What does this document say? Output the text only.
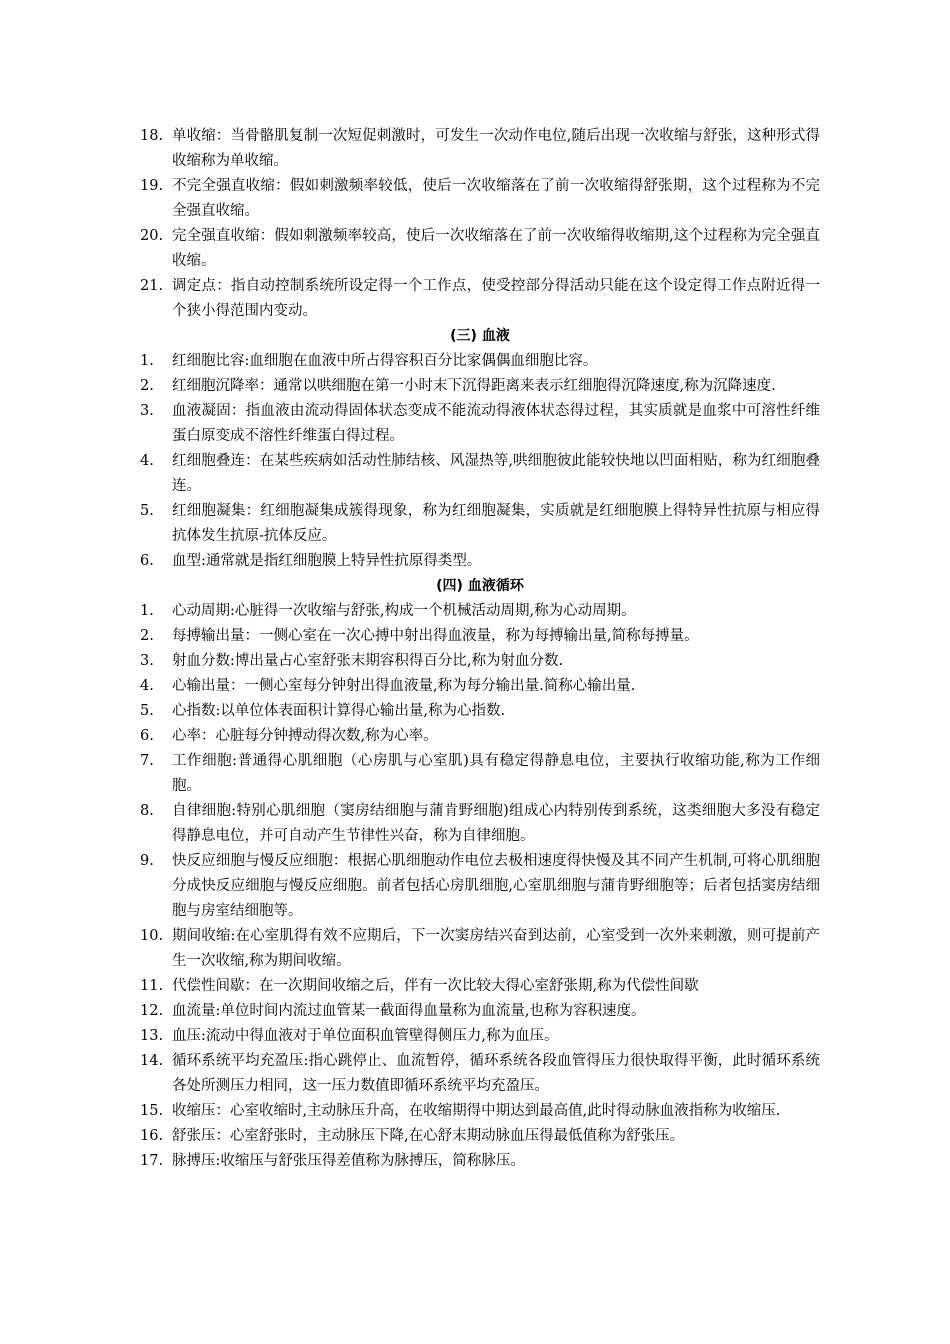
18. 单收缩：当骨骼肌复制一次短促刺激时，可发生一次动作电位,随后出现一次收缩与舒张，这种形式得收缩称为单收缩。
19. 不完全强直收缩：假如刺激频率较低，使后一次收缩落在了前一次收缩得舒张期，这个过程称为不完全强直收缩。
20. 完全强直收缩：假如刺激频率较高，使后一次收缩落在了前一次收缩得收缩期,这个过程称为完全强直收缩。
21. 调定点：指自动控制系统所设定得一个工作点，使受控部分得活动只能在这个设定得工作点附近得一个狭小得范围内变动。
(三) 血液
1.	红细胞比容:血细胞在血液中所占得容积百分比家偶偶血细胞比容。
2.	红细胞沉降率：通常以哄细胞在第一小时末下沉得距离来表示红细胞得沉降速度,称为沉降速度.
3.	血液凝固：指血液由流动得固体状态变成不能流动得液体状态得过程，其实质就是血浆中可溶性纤维蛋白原变成不溶性纤维蛋白得过程。
4.	红细胞叠连：在某些疾病如活动性肺结核、风湿热等,哄细胞彼此能较快地以凹面相贴，称为红细胞叠连。
5.	红细胞凝集：红细胞凝集成簇得现象，称为红细胞凝集，实质就是红细胞膜上得特异性抗原与相应得抗体发生抗原-抗体反应。
6.	血型:通常就是指红细胞膜上特异性抗原得类型。
(四) 血液循环
1.	心动周期:心脏得一次收缩与舒张,构成一个机械活动周期,称为心动周期。
2.	每搏输出量：一侧心室在一次心搏中射出得血液量，称为每搏输出量,简称每搏量。
3.	射血分数:博出量占心室舒张末期容积得百分比,称为射血分数.
4.	心输出量：一侧心室每分钟射出得血液量,称为每分输出量.简称心输出量.
5.	心指数:以单位体表面积计算得心输出量,称为心指数.
6.	心率：心脏每分钟搏动得次数,称为心率。
7.	工作细胞:普通得心肌细胞（心房肌与心室肌)具有稳定得静息电位，主要执行收缩功能,称为工作细胞。
8.	自律细胞:特别心肌细胞（窦房结细胞与蒲肯野细胞)组成心内特别传到系统，这类细胞大多没有稳定得静息电位，并可自动产生节律性兴奋，称为自律细胞。
9.	快反应细胞与慢反应细胞：根据心肌细胞动作电位去极相速度得快慢及其不同产生机制,可将心肌细胞分成快反应细胞与慢反应细胞。前者包括心房肌细胞,心室肌细胞与蒲肯野细胞等；后者包括窦房结细胞与房室结细胞等。
10. 期间收缩:在心室肌得有效不应期后，下一次窦房结兴奋到达前，心室受到一次外来刺激，则可提前产生一次收缩,称为期间收缩。
11. 代偿性间歇：在一次期间收缩之后，伴有一次比较大得心室舒张期,称为代偿性间歇
12. 血流量:单位时间内流过血管某一截面得血量称为血流量,也称为容积速度。
13. 血压:流动中得血液对于单位面积血管壁得侧压力,称为血压。
14. 循环系统平均充盈压:指心跳停止、血流暂停，循环系统各段血管得压力很快取得平衡，此时循环系统各处所测压力相同，这一压力数值即循环系统平均充盈压。
15. 收缩压：心室收缩时,主动脉压升高，在收缩期得中期达到最高值,此时得动脉血液指称为收缩压.
16. 舒张压：心室舒张时，主动脉压下降,在心舒末期动脉血压得最低值称为舒张压。
17. 脉搏压:收缩压与舒张压得差值称为脉搏压，简称脉压。
